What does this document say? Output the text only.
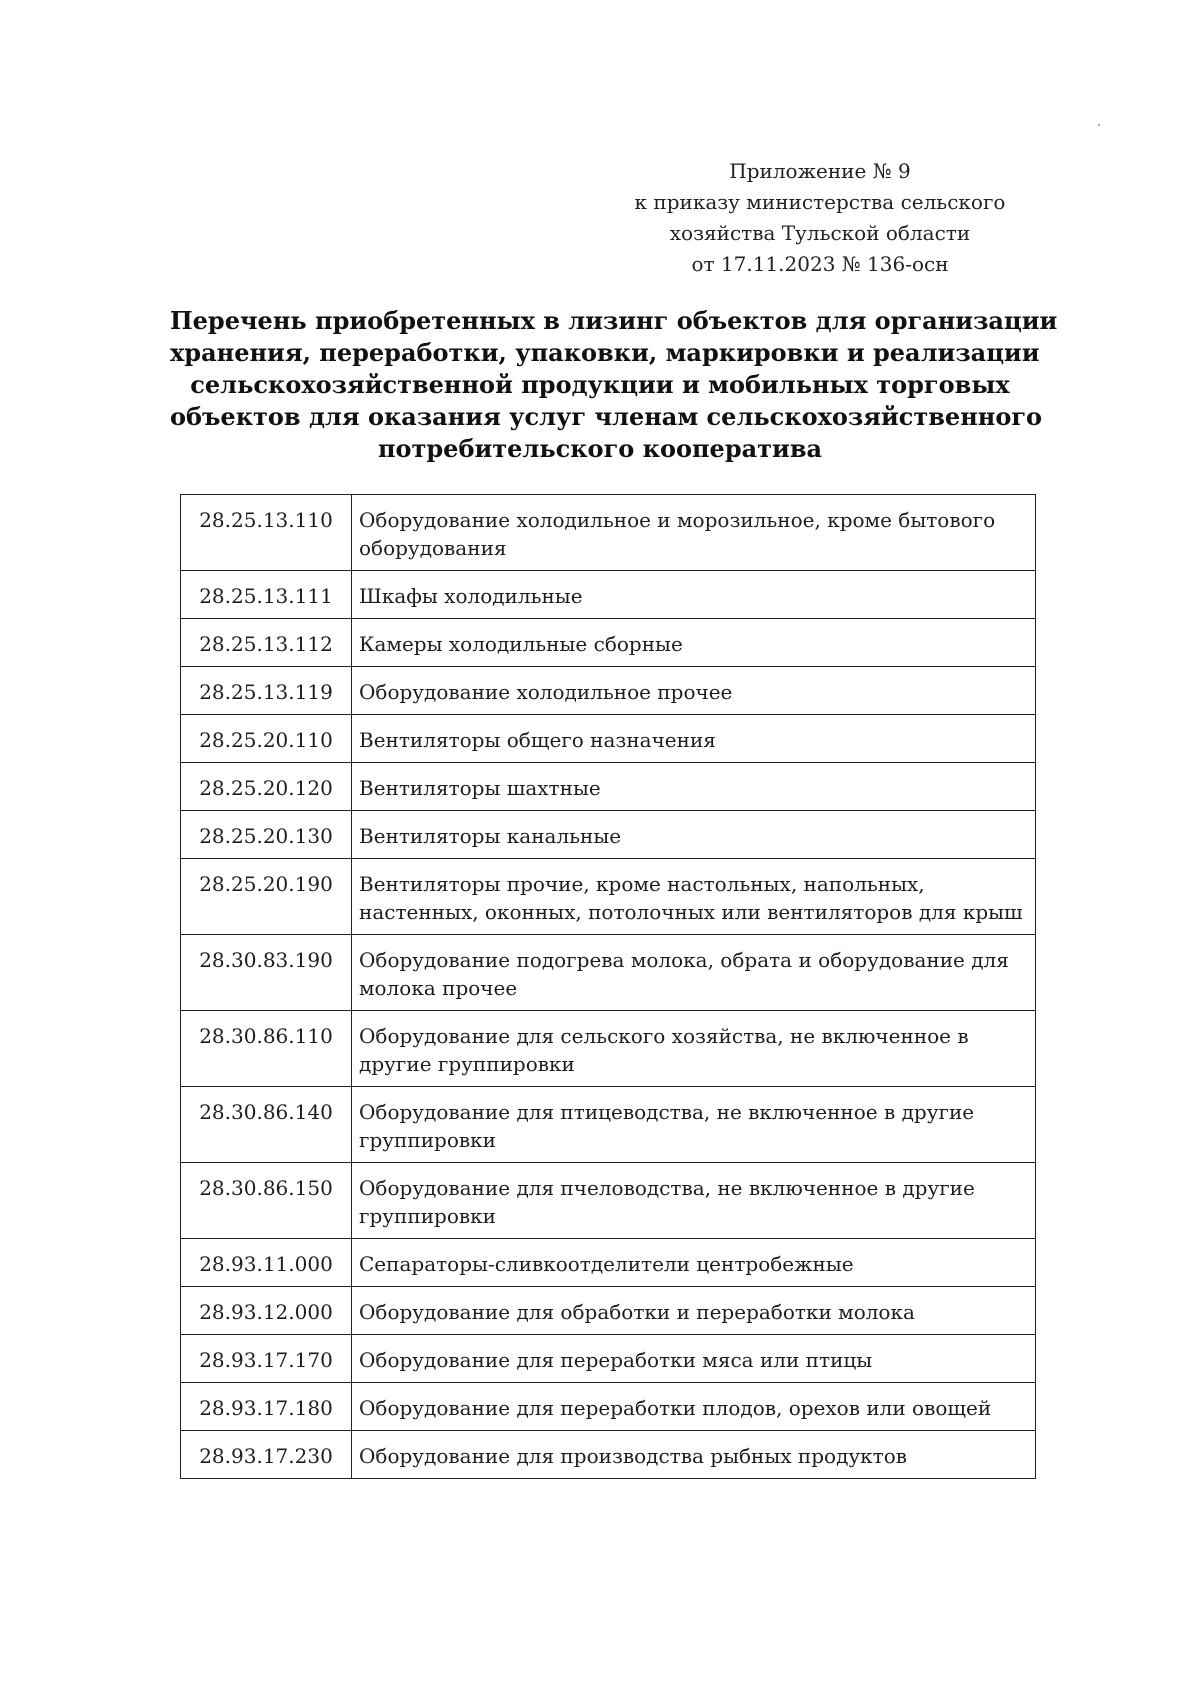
Приложение № 9
к приказу министерства сельского
хозяйства Тульской области
от 17.11.2023 № 136-осн
Перечень приобретенных в лизинг объектов для организации
хранения, переработки, упаковки, маркировки и реализации
сельскохозяйственной продукции и мобильных торговых
объектов для оказания услуг членам сельскохозяйственного
потребительского кооператива
28.25.13.110	Оборудование холодильное и морозильное, кроме бытового оборудования
28.25.13.111	Шкафы холодильные
28.25.13.112	Камеры холодильные сборные
28.25.13.119	Оборудование холодильное прочее
28.25.20.110	Вентиляторы общего назначения
28.25.20.120	Вентиляторы шахтные
28.25.20.130	Вентиляторы канальные
28.25.20.190	Вентиляторы прочие, кроме настольных, напольных, настенных, оконных, потолочных или вентиляторов для крыш
28.30.83.190	Оборудование подогрева молока, обрата и оборудование для молока прочее
28.30.86.110	Оборудование для сельского хозяйства, не включенное в другие группировки
28.30.86.140	Оборудование для птицеводства, не включенное в другие группировки
28.30.86.150	Оборудование для пчеловодства, не включенное в другие группировки
28.93.11.000	Сепараторы-сливкоотделители центробежные
28.93.12.000	Оборудование для обработки и переработки молока
28.93.17.170	Оборудование для переработки мяса или птицы
28.93.17.180	Оборудование для переработки плодов, орехов или овощей
28.93.17.230	Оборудование для производства рыбных продуктов
